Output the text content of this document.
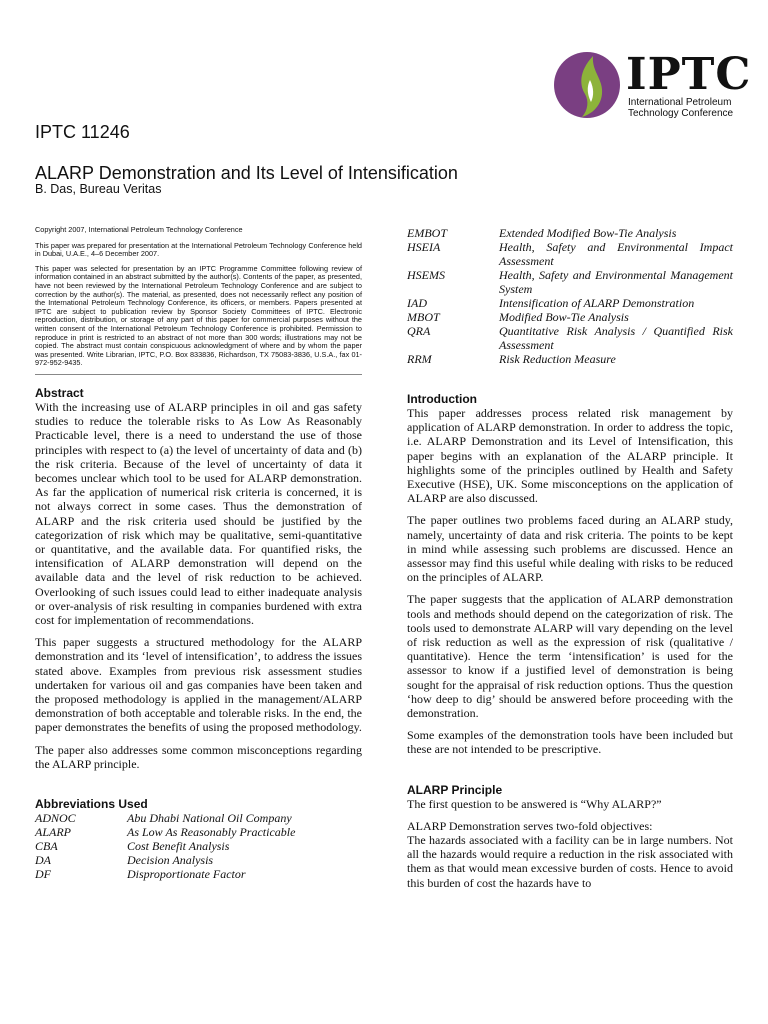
IPTC
International Petroleum
Technology Conference
IPTC 11246
ALARP Demonstration and Its Level of Intensification
B. Das, Bureau Veritas

Copyright 2007, International Petroleum Technology Conference

This paper was prepared for presentation at the International Petroleum Technology Conference held in Dubai, U.A.E., 4–6 December 2007.

This paper was selected for presentation by an IPTC Programme Committee following review of information contained in an abstract submitted by the author(s). Contents of the paper, as presented, have not been reviewed by the International Petroleum Technology Conference and are subject to correction by the author(s). The material, as presented, does not necessarily reflect any position of the International Petroleum Technology Conference, its officers, or members. Papers presented at IPTC are subject to publication review by Sponsor Society Committees of IPTC. Electronic reproduction, distribution, or storage of any part of this paper for commercial purposes without the written consent of the International Petroleum Technology Conference is prohibited. Permission to reproduce in print is restricted to an abstract of not more than 300 words; illustrations may not be copied. The abstract must contain conspicuous acknowledgment of where and by whom the paper was presented. Write Librarian, IPTC, P.O. Box 833836, Richardson, TX 75083-3836, U.S.A., fax 01-972-952-9435.

Abstract

With the increasing use of ALARP principles in oil and gas safety studies to reduce the tolerable risks to As Low As Reasonably Practicable level, there is a need to understand the use of those principles with respect to (a) the level of uncertainty of data and (b) the risk criteria. Because of the level of uncertainty of data it becomes unclear which tool to be used for ALARP demonstration. As far the application of numerical risk criteria is concerned, it is not always correct in some cases. Thus the demonstration of ALARP and the risk criteria used should be justified by the categorization of risk which may be qualitative, semi-quantitative or quantitative, and the available data. For quantified risks, the intensification of ALARP demonstration will depend on the available data and the level of risk reduction to be achieved. Overlooking of such issues could lead to either inadequate analysis or over-analysis of risk resulting in companies burdened with extra cost for implementation of recommendations.

This paper suggests a structured methodology for the ALARP demonstration and its ‘level of intensification’, to address the issues stated above. Examples from previous risk assessment studies undertaken for various oil and gas companies have been taken and the proposed methodology is applied in the management/ALARP demonstration of both acceptable and tolerable risks. In the end, the paper demonstrates the benefits of using the proposed methodology.

The paper also addresses some common misconceptions regarding the ALARP principle.

Abbreviations Used
ADNOC	Abu Dhabi National Oil Company
ALARP	As Low As Reasonably Practicable
CBA	Cost Benefit Analysis
DA	Decision Analysis
DF	Disproportionate Factor
EMBOT	Extended Modified Bow-Tie Analysis
HSEIA	Health, Safety and Environmental Impact Assessment
HSEMS	Health, Safety and Environmental Management System
IAD	Intensification of ALARP Demonstration
MBOT	Modified Bow-Tie Analysis
QRA	Quantitative Risk Analysis / Quantified Risk Assessment
RRM	Risk Reduction Measure
Introduction

This paper addresses process related risk management by application of ALARP demonstration. In order to address the topic, i.e. ALARP Demonstration and its Level of Intensification, this paper begins with an explanation of the ALARP principle. It highlights some of the principles outlined by Health and Safety Executive (HSE), UK. Some misconceptions on the application of ALARP are also discussed.

The paper outlines two problems faced during an ALARP study, namely, uncertainty of data and risk criteria. The points to be kept in mind while assessing such problems are discussed. Hence an assessor may find this useful while dealing with risks to be reduced on the principles of ALARP.

The paper suggests that the application of ALARP demonstration tools and methods should depend on the categorization of risk. The tools used to demonstrate ALARP will vary depending on the level of risk reduction as well as the expression of risk (qualitative / quantitative). Hence the term ‘intensification’ is used for the assessor to know if a justified level of demonstration is being sought for the appraisal of risk reduction options. Thus the question ‘how deep to dig’ should be answered before proceeding with the demonstration.

Some examples of the demonstration tools have been included but these are not intended to be prescriptive.

ALARP Principle

The first question to be answered is “Why ALARP?”

ALARP Demonstration serves two-fold objectives:

The hazards associated with a facility can be in large numbers. Not all the hazards would require a reduction in the risk associated with them as that would mean excessive burden of costs. Hence to avoid this burden of cost the hazards have to
